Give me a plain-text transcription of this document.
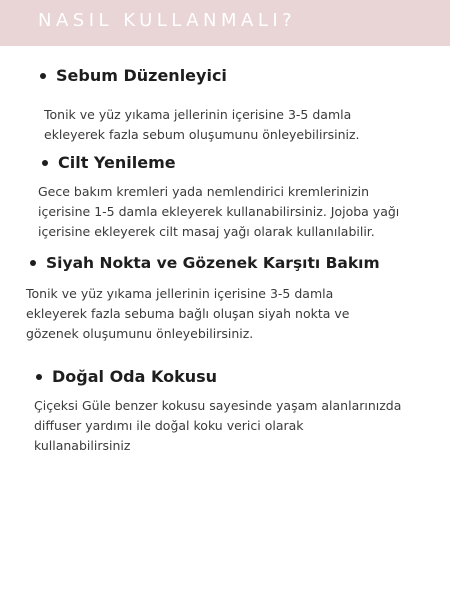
NASIL KULLANMALI?
Sebum Düzenleyici
Tonik ve yüz yıkama jellerinin içerisine 3-5 damla
ekleyerek fazla sebum oluşumunu önleyebilirsiniz.
Cilt Yenileme
Gece bakım kremleri yada nemlendirici kremlerinizin
içerisine 1-5 damla ekleyerek kullanabilirsiniz. Jojoba yağı
içerisine ekleyerek cilt masaj yağı olarak kullanılabilir.
Siyah Nokta ve Gözenek Karşıtı Bakım
Tonik ve yüz yıkama jellerinin içerisine 3-5 damla
ekleyerek fazla sebuma bağlı oluşan siyah nokta ve
gözenek oluşumunu önleyebilirsiniz.
Doğal Oda Kokusu
Çiçeksi Güle benzer kokusu sayesinde yaşam alanlarınızda
diffuser yardımı ile doğal koku verici olarak
kullanabilirsiniz
